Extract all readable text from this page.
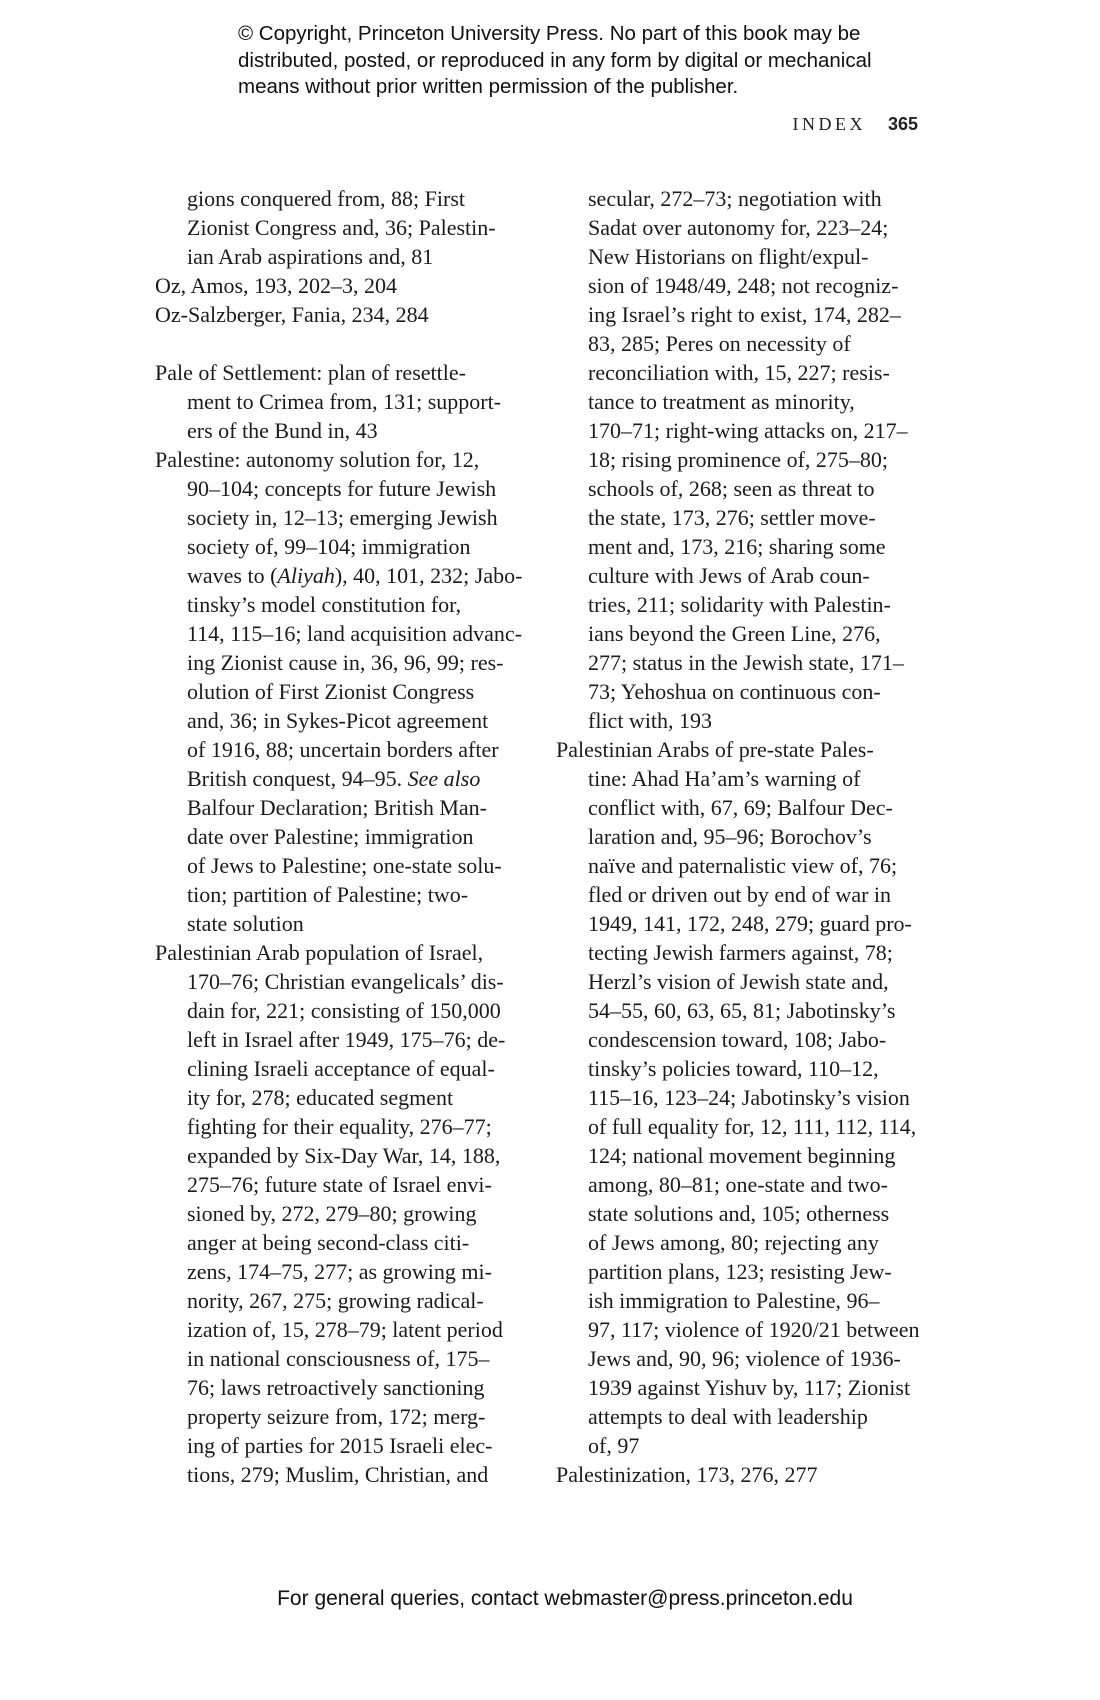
© Copyright, Princeton University Press. No part of this book may be
distributed, posted, or reproduced in any form by digital or mechanical
means without prior written permission of the publisher.
INDEX 365
gions conquered from, 88; First
Zionist Congress and, 36; Palestin-
ian Arab aspirations and, 81
Oz, Amos, 193, 202–3, 204
Oz-Salzberger, Fania, 234, 284
Pale of Settlement: plan of resettle-
ment to Crimea from, 131; support-
ers of the Bund in, 43
Palestine: autonomy solution for, 12,
90–104; concepts for future Jewish
society in, 12–13; emerging Jewish
society of, 99–104; immigration
waves to (Aliyah), 40, 101, 232; Jabo-
tinsky’s model constitution for,
114, 115–16; land acquisition advanc-
ing Zionist cause in, 36, 96, 99; res-
olution of First Zionist Congress
and, 36; in Sykes-Picot agreement
of 1916, 88; uncertain borders after
British conquest, 94–95. See also
Balfour Declaration; British Man-
date over Palestine; immigration
of Jews to Palestine; one-state solu-
tion; partition of Palestine; two-
state solution
Palestinian Arab population of Israel,
170–76; Christian evangelicals’ dis-
dain for, 221; consisting of 150,000
left in Israel after 1949, 175–76; de-
clining Israeli acceptance of equal-
ity for, 278; educated segment
fighting for their equality, 276–77;
expanded by Six-Day War, 14, 188,
275–76; future state of Israel envi-
sioned by, 272, 279–80; growing
anger at being second-class citi-
zens, 174–75, 277; as growing mi-
nority, 267, 275; growing radical-
ization of, 15, 278–79; latent period
in national consciousness of, 175–
76; laws retroactively sanctioning
property seizure from, 172; merg-
ing of parties for 2015 Israeli elec-
tions, 279; Muslim, Christian, and
secular, 272–73; negotiation with
Sadat over autonomy for, 223–24;
New Historians on flight/expul-
sion of 1948/49, 248; not recogniz-
ing Israel’s right to exist, 174, 282–
83, 285; Peres on necessity of
reconciliation with, 15, 227; resis-
tance to treatment as minority,
170–71; right-wing attacks on, 217–
18; rising prominence of, 275–80;
schools of, 268; seen as threat to
the state, 173, 276; settler move-
ment and, 173, 216; sharing some
culture with Jews of Arab coun-
tries, 211; solidarity with Palestin-
ians beyond the Green Line, 276,
277; status in the Jewish state, 171–
73; Yehoshua on continuous con-
flict with, 193
Palestinian Arabs of pre-state Pales-
tine: Ahad Ha’am’s warning of
conflict with, 67, 69; Balfour Dec-
laration and, 95–96; Borochov’s
naïve and paternalistic view of, 76;
fled or driven out by end of war in
1949, 141, 172, 248, 279; guard pro-
tecting Jewish farmers against, 78;
Herzl’s vision of Jewish state and,
54–55, 60, 63, 65, 81; Jabotinsky’s
condescension toward, 108; Jabo-
tinsky’s policies toward, 110–12,
115–16, 123–24; Jabotinsky’s vision
of full equality for, 12, 111, 112, 114,
124; national movement beginning
among, 80–81; one-state and two-
state solutions and, 105; otherness
of Jews among, 80; rejecting any
partition plans, 123; resisting Jew-
ish immigration to Palestine, 96–
97, 117; violence of 1920/21 between
Jews and, 90, 96; violence of 1936-
1939 against Yishuv by, 117; Zionist
attempts to deal with leadership
of, 97
Palestinization, 173, 276, 277
For general queries, contact webmaster@press.princeton.edu
